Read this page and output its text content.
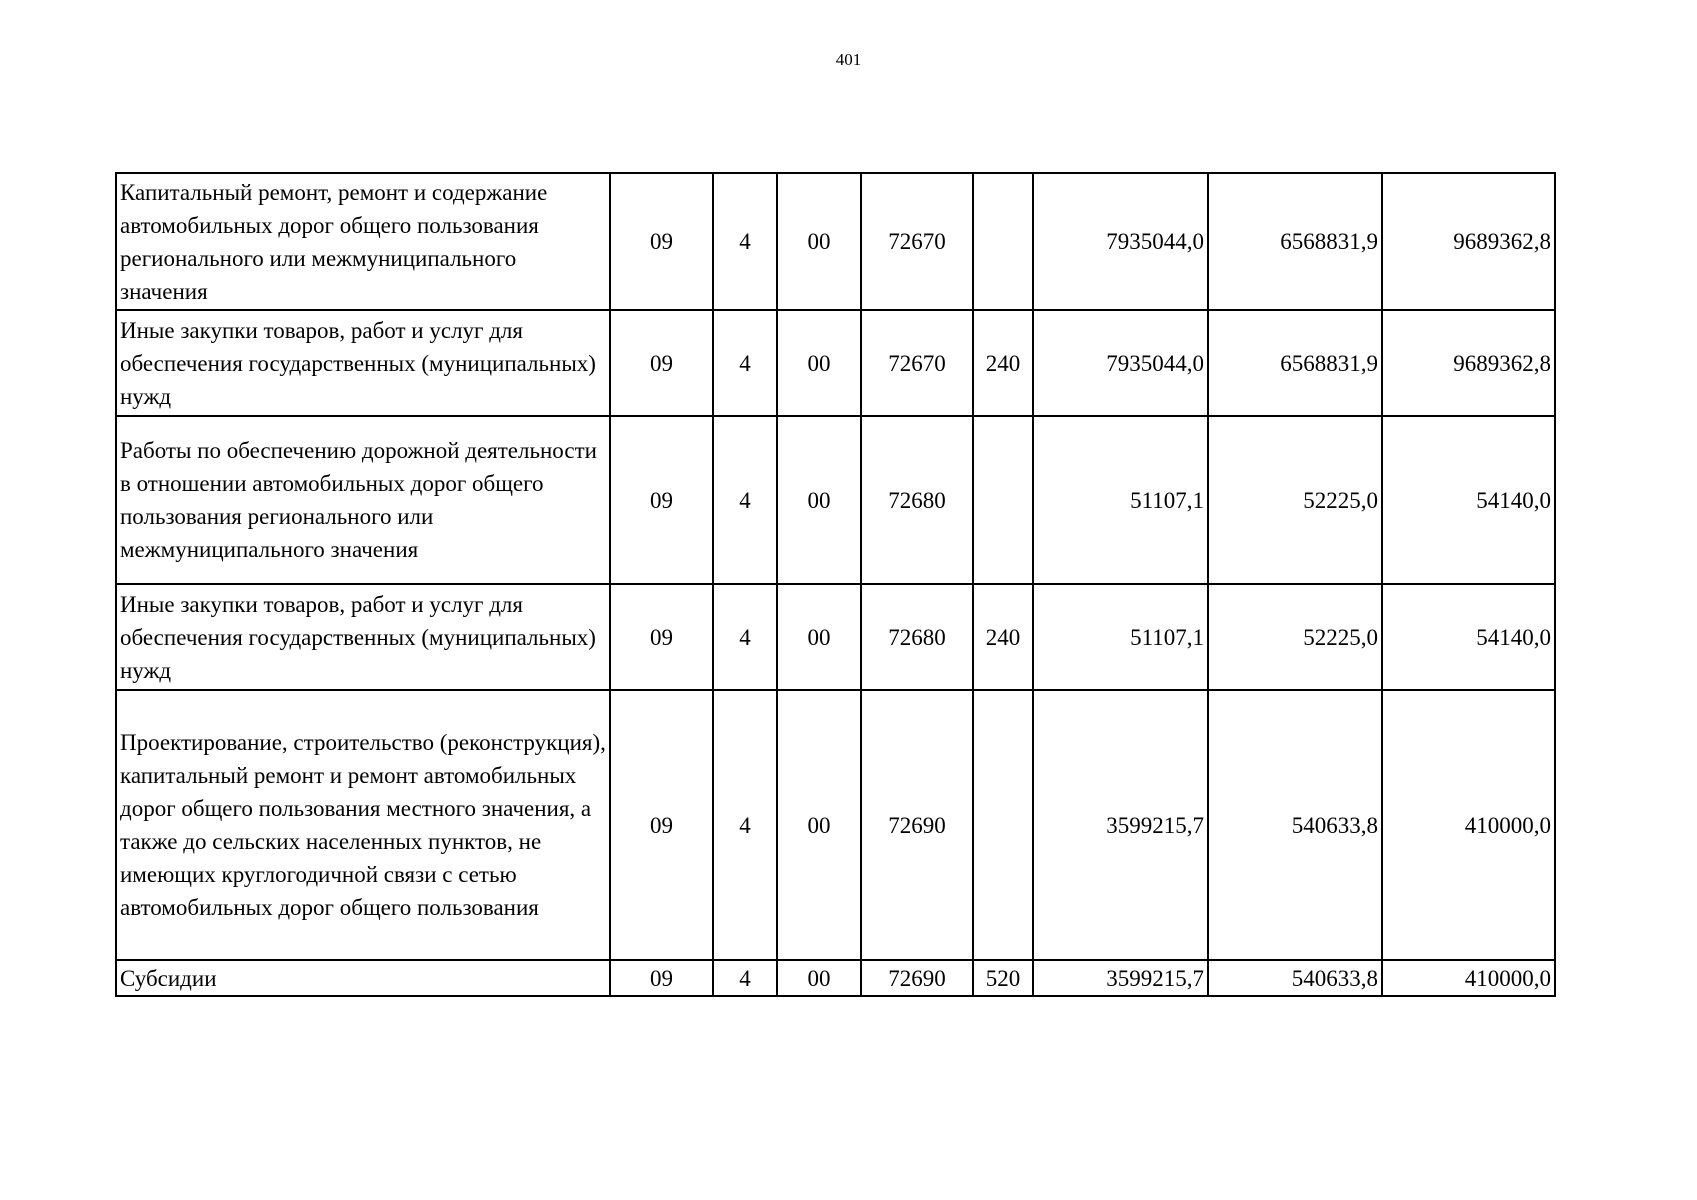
401
Капитальный ремонт, ремонт и содержание автомобильных дорог общего пользования регионального или межмуниципального значения	09	4	00	72670		7935044,0	6568831,9	9689362,8
Иные закупки товаров, работ и услуг для обеспечения государственных (муниципальных) нужд	09	4	00	72670	240	7935044,0	6568831,9	9689362,8
Работы по обеспечению дорожной деятельности в отношении автомобильных дорог общего пользования регионального или межмуниципального значения	09	4	00	72680		51107,1	52225,0	54140,0
Иные закупки товаров, работ и услуг для обеспечения государственных (муниципальных) нужд	09	4	00	72680	240	51107,1	52225,0	54140,0
Проектирование, строительство (реконструкция), капитальный ремонт и ремонт автомобильных дорог общего пользования местного значения, а также до сельских населенных пунктов, не имеющих круглогодичной связи с сетью автомобильных дорог общего пользования	09	4	00	72690		3599215,7	540633,8	410000,0
Субсидии	09	4	00	72690	520	3599215,7	540633,8	410000,0
